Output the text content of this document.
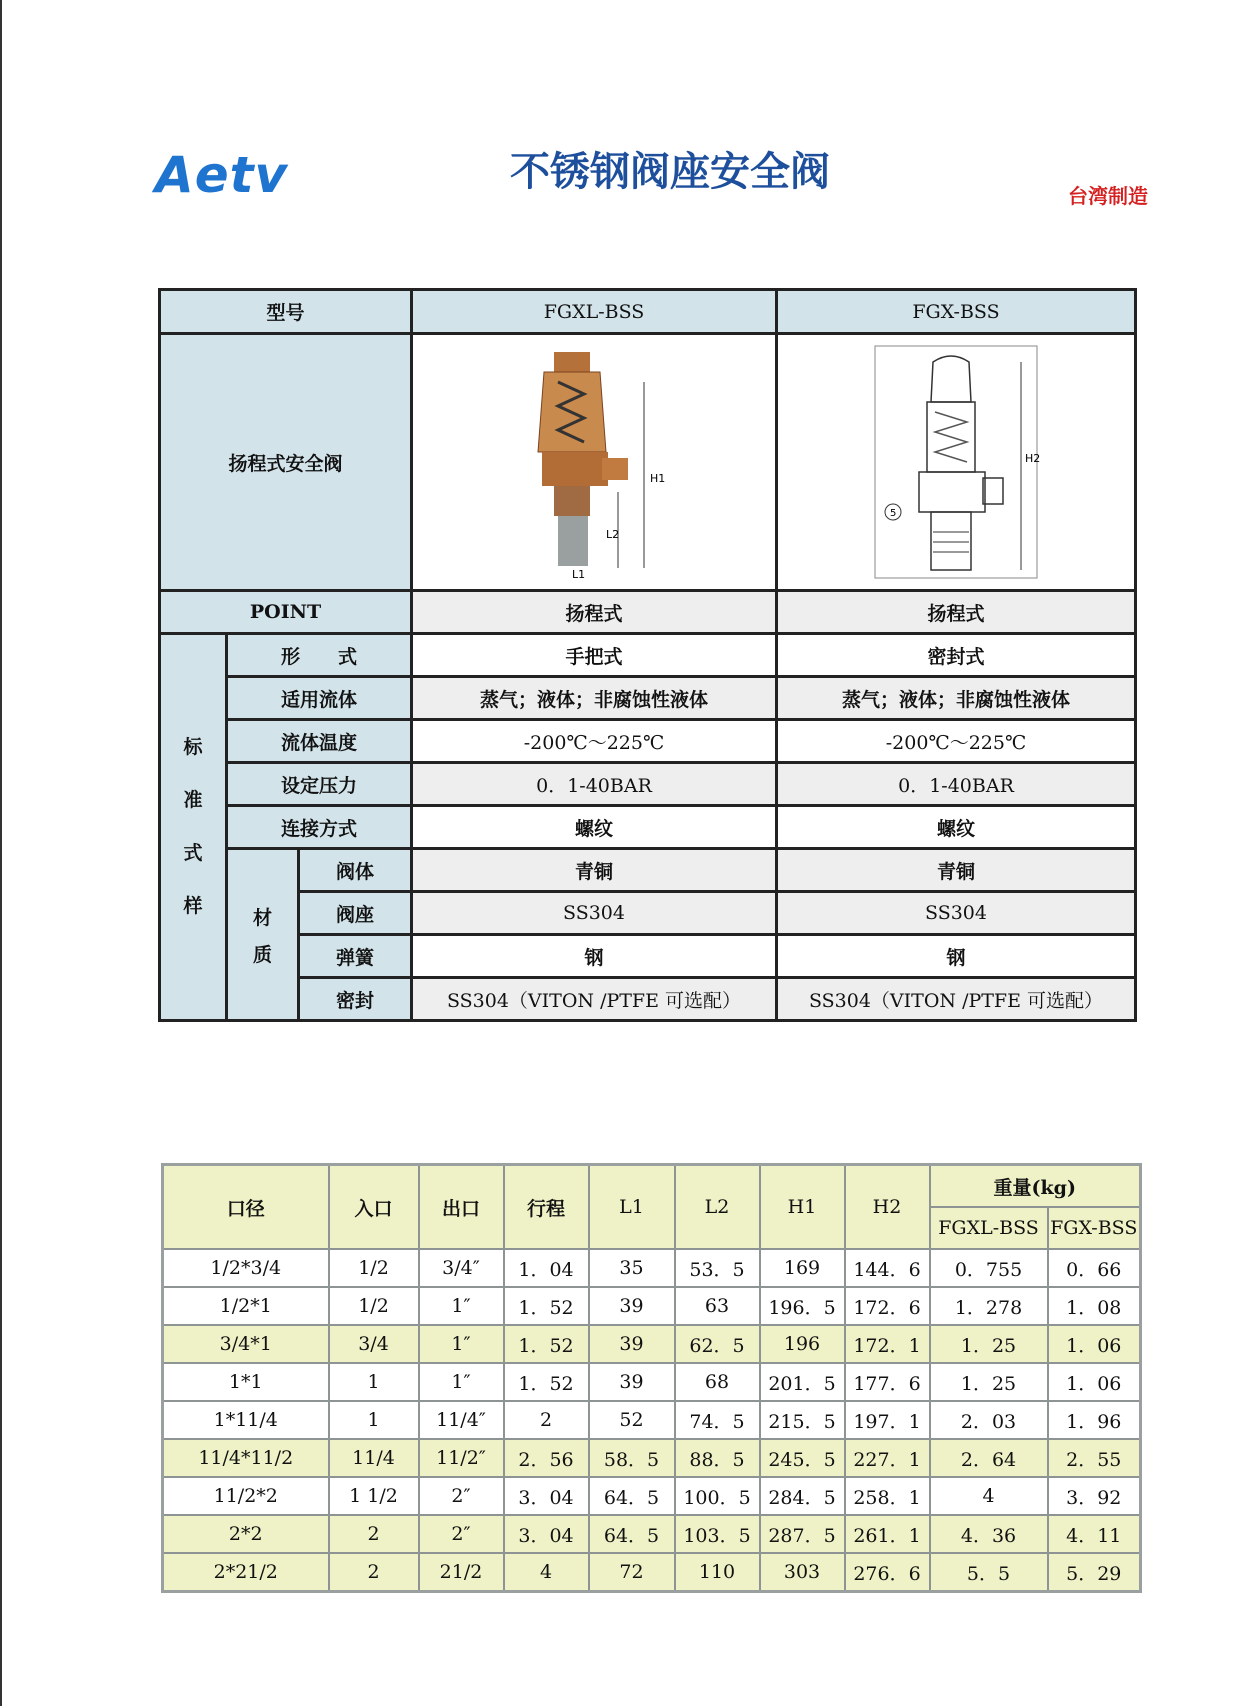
Aetv	不锈钢阀座安全阀
台湾制造
型号			FGXL-BSS	FGX-BSS
扬程式安全阀			H1
L2
L1	5
H2

POINT			扬程式	扬程式

标
准
式
样	形　　式		手把式	密封式
	适用流体		蒸气；液体；非腐蚀性液体	蒸气；液体；非腐蚀性液体
	流体温度		-200℃～225℃	-200℃～225℃
	设定压力		0．1-40BAR	0．1-40BAR
	连接方式		螺纹	螺纹

	材
质	阀体	青铜	青铜
		阀座	SS304	SS304
		弹簧	钢	钢
		密封	SS304（VITON /PTFE 可选配）	SS304（VITON /PTFE 可选配）
口径	入口	出口	行程	L1	L2	H1	H2	重量(kg)	
								FGXL-BSS	FGX-BSS
1/2*3/4	1/2	3/4″	1．04	35	53．5	169	144．6	0．755	0．66
1/2*1	1/2	1″	1．52	39	63	196．5	172．6	1．278	1．08
3/4*1	3/4	1″	1．52	39	62．5	196	172．1	1．25	1．06
1*1	1	1″	1．52	39	68	201．5	177．6	1．25	1．06
1*11/4	1	11/4″	2	52	74．5	215．5	197．1	2．03	1．96
11/4*11/2	11/4	11/2″	2．56	58．5	88．5	245．5	227．1	2．64	2．55
11/2*2	1 1/2	2″	3．04	64．5	100．5	284．5	258．1	4	3．92
2*2	2	2″	3．04	64．5	103．5	287．5	261．1	4．36	4．11
2*21/2	2	21/2	4	72	110	303	276．6	5．5	5．29
